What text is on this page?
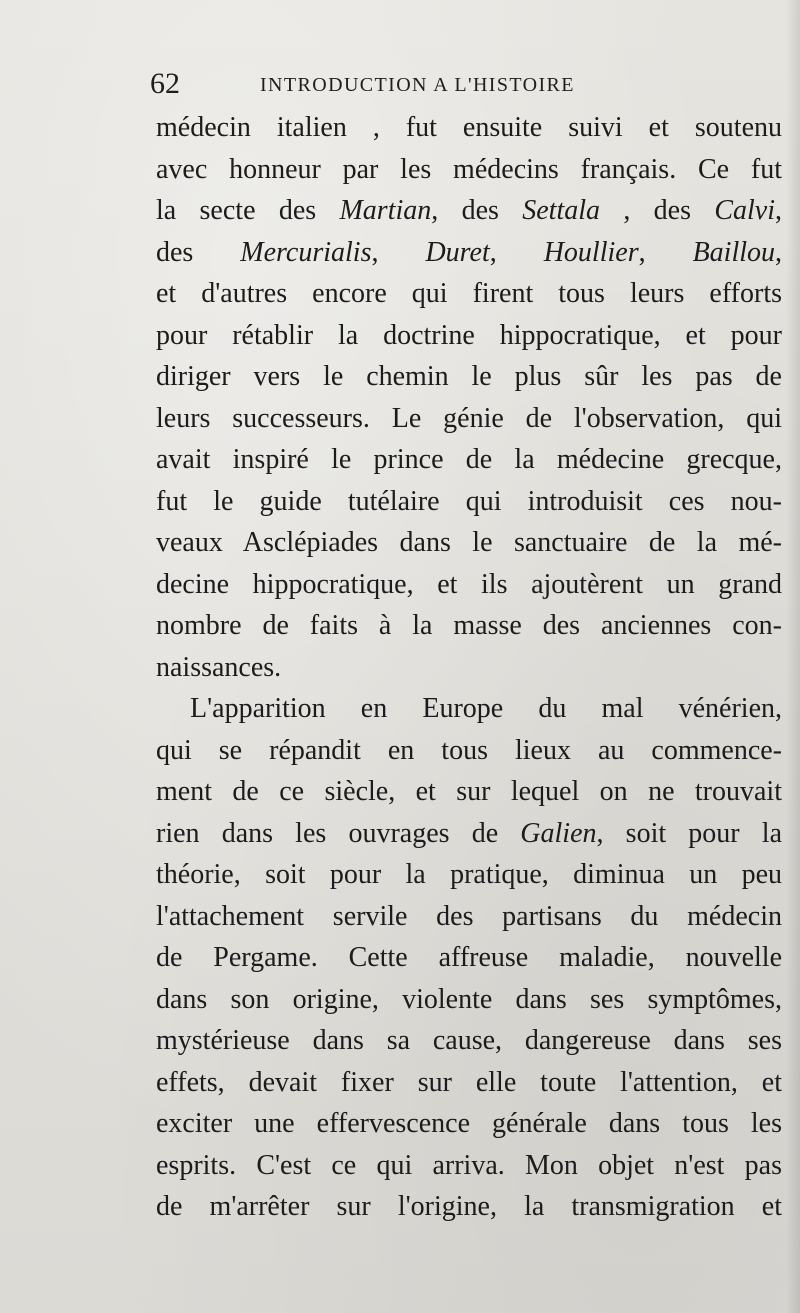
62	INTRODUCTION A L'HISTOIRE
médecin italien , fut ensuite suivi et soutenu
avec honneur par les médecins français. Ce fut
la secte des Martian, des Settala , des Calvi,
des Mercurialis, Duret, Houllier, Baillou,
et d'autres encore qui firent tous leurs efforts
pour rétablir la doctrine hippocratique, et pour
diriger vers le chemin le plus sûr les pas de
leurs successeurs. Le génie de l'observation, qui
avait inspiré le prince de la médecine grecque,
fut le guide tutélaire qui introduisit ces nou-
veaux Asclépiades dans le sanctuaire de la mé-
decine hippocratique, et ils ajoutèrent un grand
nombre de faits à la masse des anciennes con-
naissances.
L'apparition en Europe du mal vénérien,
qui se répandit en tous lieux au commence-
ment de ce siècle, et sur lequel on ne trouvait
rien dans les ouvrages de Galien, soit pour la
théorie, soit pour la pratique, diminua un peu
l'attachement servile des partisans du médecin
de Pergame. Cette affreuse maladie, nouvelle
dans son origine, violente dans ses symptômes,
mystérieuse dans sa cause, dangereuse dans ses
effets, devait fixer sur elle toute l'attention, et
exciter une effervescence générale dans tous les
esprits. C'est ce qui arriva. Mon objet n'est pas
de m'arrêter sur l'origine, la transmigration et
